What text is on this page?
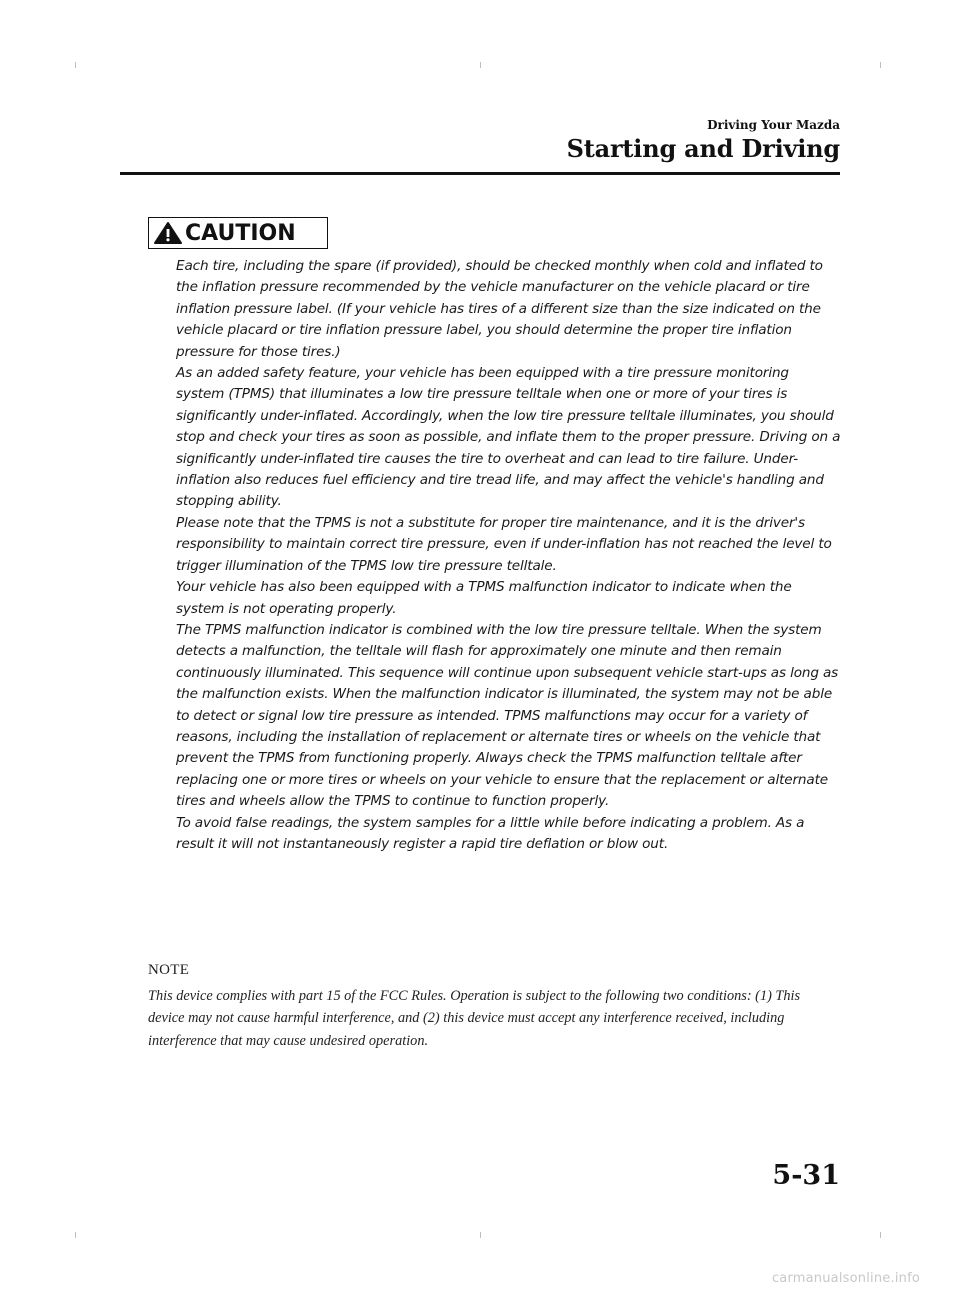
Driving Your Mazda
Starting and Driving
CAUTION

Each tire, including the spare (if provided), should be checked monthly when cold and inflated to the inflation pressure recommended by the vehicle manufacturer on the vehicle placard or tire inflation pressure label. (If your vehicle has tires of a different size than the size indicated on the vehicle placard or tire inflation pressure label, you should determine the proper tire inflation pressure for those tires.)

As an added safety feature, your vehicle has been equipped with a tire pressure monitoring system (TPMS) that illuminates a low tire pressure telltale when one or more of your tires is significantly under-inflated. Accordingly, when the low tire pressure telltale illuminates, you should stop and check your tires as soon as possible, and inflate them to the proper pressure. Driving on a significantly under-inflated tire causes the tire to overheat and can lead to tire failure. Under-inflation also reduces fuel efficiency and tire tread life, and may affect the vehicle's handling and stopping ability.

Please note that the TPMS is not a substitute for proper tire maintenance, and it is the driver's responsibility to maintain correct tire pressure, even if under-inflation has not reached the level to trigger illumination of the TPMS low tire pressure telltale.

Your vehicle has also been equipped with a TPMS malfunction indicator to indicate when the system is not operating properly.

The TPMS malfunction indicator is combined with the low tire pressure telltale. When the system detects a malfunction, the telltale will flash for approximately one minute and then remain continuously illuminated. This sequence will continue upon subsequent vehicle start-ups as long as the malfunction exists. When the malfunction indicator is illuminated, the system may not be able to detect or signal low tire pressure as intended. TPMS malfunctions may occur for a variety of reasons, including the installation of replacement or alternate tires or wheels on the vehicle that prevent the TPMS from functioning properly. Always check the TPMS malfunction telltale after replacing one or more tires or wheels on your vehicle to ensure that the replacement or alternate tires and wheels allow the TPMS to continue to function properly.

To avoid false readings, the system samples for a little while before indicating a problem. As a result it will not instantaneously register a rapid tire deflation or blow out.

NOTE
This device complies with part 15 of the FCC Rules. Operation is subject to the following two conditions: (1) This device may not cause harmful interference, and (2) this device must accept any interference received, including interference that may cause undesired operation.
5-31
carmanualsonline.info
